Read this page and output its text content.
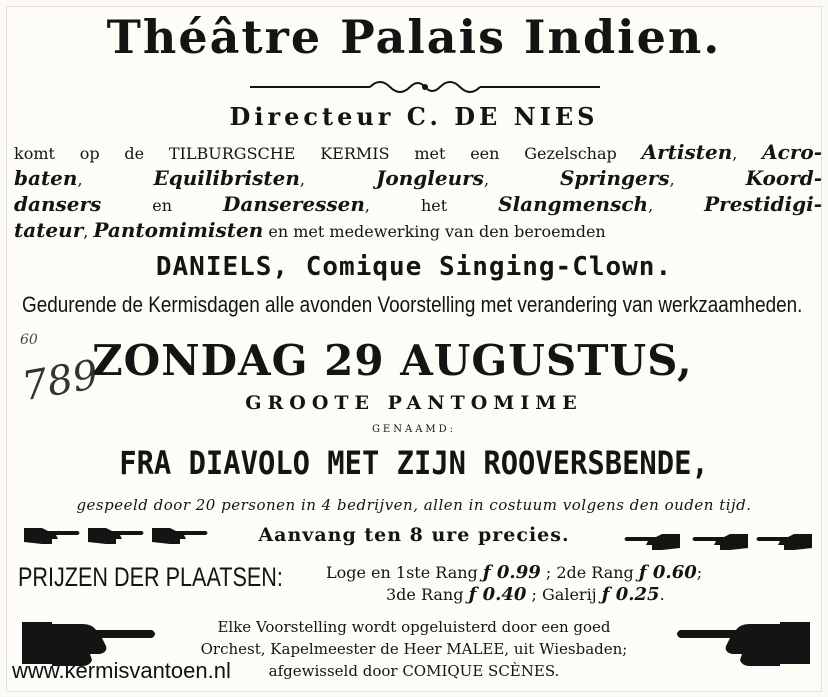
Théâtre Palais Indien.
Directeur C. DE NIES
komt op de TILBURGSCHE KERMIS met een Gezelschap Artisten, Acro-
baten, Equilibristen, Jongleurs, Springers, Koord-
dansers	en	Danseressen, het	Slangmensch, Prestidigi-
tateur, Pantomimisten en met medewerking van den beroemden
DANIELS, Comique Singing-Clown.
Gedurende de Kermisdagen alle avonden Voorstelling met verandering van werkzaamheden.
60
789
ZONDAG 29 AUGUSTUS,
GROOTE PANTOMIME
GENAAMD:
FRA DIAVOLO MET ZIJN ROOVERSBENDE,
gespeeld door 20 personen in 4 bedrijven, allen in costuum volgens den ouden tijd.
Aanvang ten 8 ure precies.
PRIJZEN DER PLAATSEN:	Loge en 1ste Rang ƒ 0.99 ; 2de Rang ƒ 0.60;
3de Rang ƒ 0.40 ; Galerij ƒ 0.25.
Elke Voorstelling wordt opgeluisterd door een goed
Orchest, Kapelmeester de Heer MALEE, uit Wiesbaden;
afgewisseld door COMIQUE SCÈNES.
www.kermisvantoen.nl
